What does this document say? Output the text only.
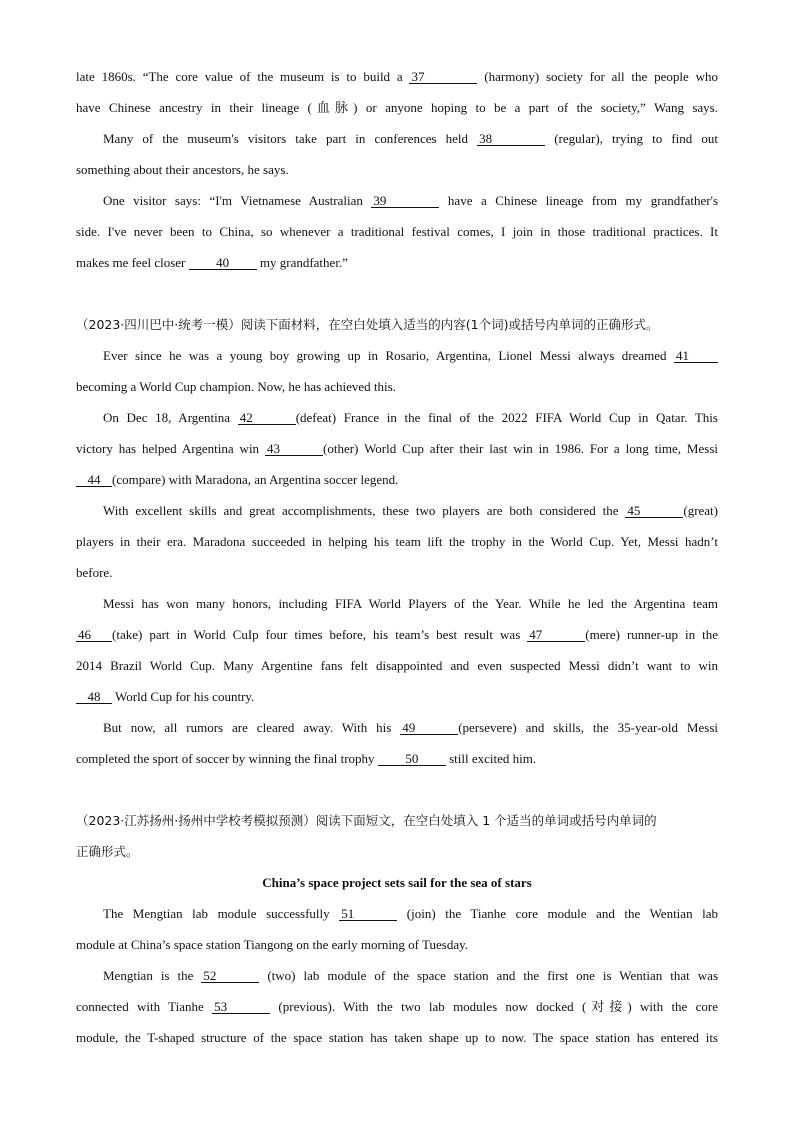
late 1860s. “The core value of the museum is to build a 37	(harmony) society for all the people who
have Chinese ancestry in their lineage (血脉) or anyone hoping to be a part of the society,” Wang says.
Many of the museum's visitors take part in conferences held 38	(regular), trying to find out
something about their ancestors, he says.
One visitor says: “I'm Vietnamese Australian 39	have a Chinese lineage from my grandfather's
side. I've never been to China, so whenever a traditional festival comes, I join in those traditional practices. It
makes me feel closer 40 my grandfather.”
（2023·四川巴中·统考一模）阅读下面材料，在空白处填入适当的内容(1个词)或括号内单词的正确形式。
Ever since he was a young boy growing up in Rosario, Argentina, Lionel Messi always dreamed 41
becoming a World Cup champion. Now, he has achieved this.
On Dec 18, Argentina 42	(defeat) France in the final of the 2022 FIFA World Cup in Qatar. This
victory has helped Argentina win 43	(other) World Cup after their last win in 1986. For a long time, Messi
44 (compare) with Maradona, an Argentina soccer legend.
With excellent skills and great accomplishments, these two players are both considered the 45	(great)
players in their era. Maradona succeeded in helping his team lift the trophy in the World Cup. Yet, Messi hadn’t
before.
Messi has won many honors, including FIFA World Players of the Year. While he led the Argentina team
46 (take) part in World CuIp four times before, his team’s best result was 47	(mere) runner-up in the
2014 Brazil World Cup. Many Argentine fans felt disappointed and even suspected Messi didn’t want to win
48 World Cup for his country.
But now, all rumors are cleared away. With his 49	(persevere) and skills, the 35-year-old Messi
completed the sport of soccer by winning the final trophy 50 still excited him.
（2023·江苏扬州·扬州中学校考模拟预测）阅读下面短文，在空白处填入 1 个适当的单词或括号内单词的
正确形式。
China’s space project sets sail for the sea of stars
The Mengtian lab module successfully 51	(join) the Tianhe core module and the Wentian lab
module at China’s space station Tiangong on the early morning of Tuesday.
Mengtian is the 52	(two) lab module of the space station and the first one is Wentian that was
connected with Tianhe 53	(previous). With the two lab modules now docked (对接) with the core
module, the T-shaped structure of the space station has taken shape up to now. The space station has entered its
